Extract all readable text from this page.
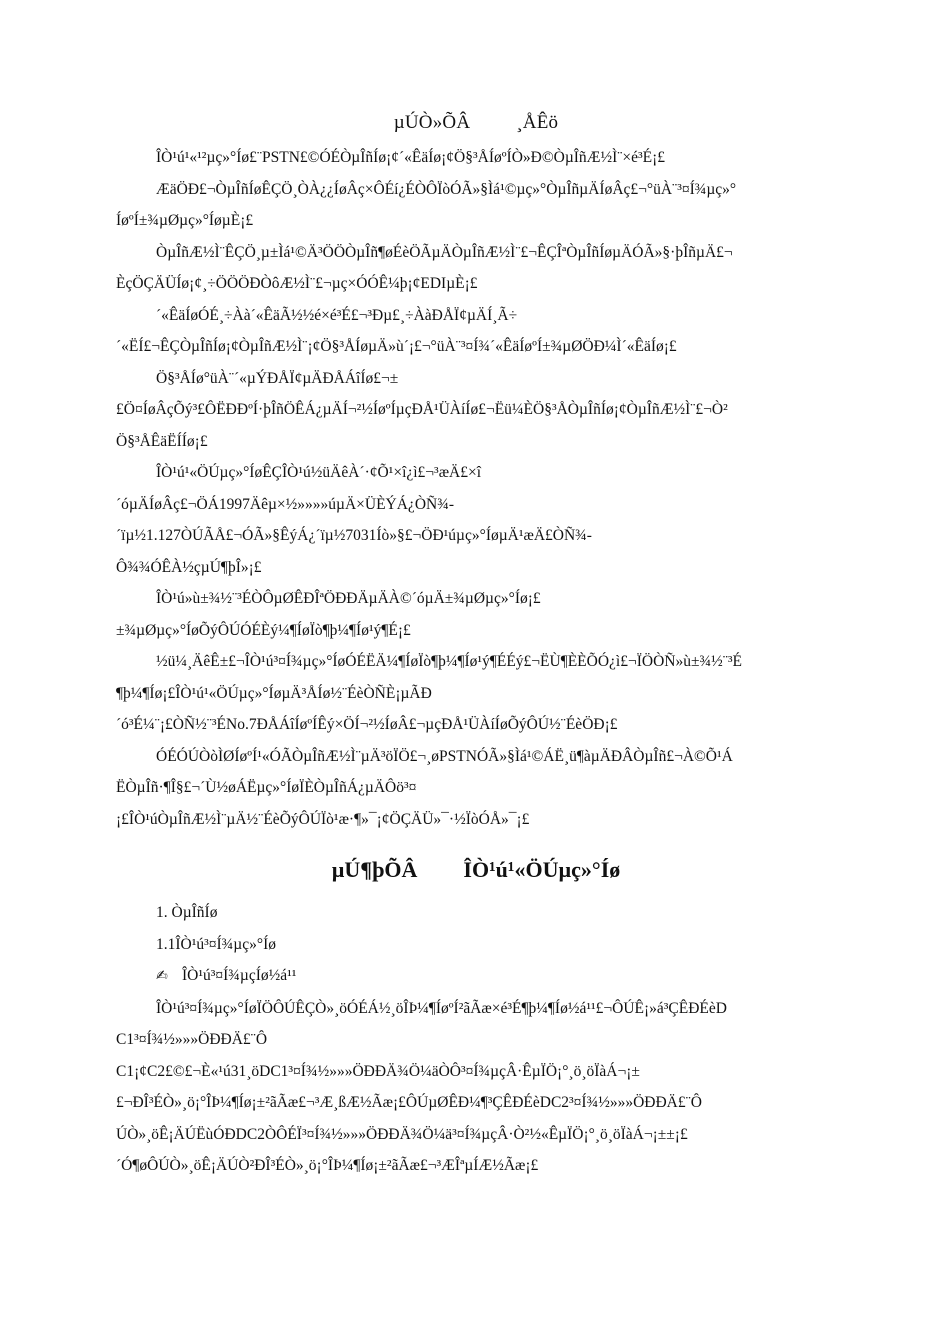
µÚÒ»ÕÂ ¸ÅÊö

ÎÒ¹ú¹«¹²µç»°Íø£¨PSTN£©ÓÉÒµÎñÍø¡¢´«ÊäÍø¡¢Ö§³ÅÍøºÍÒ»Ð©ÒµÎñÆ½Ì¨×é³É¡£

ÆäÖÐ£¬ÒµÎñÍøÊÇÖ¸ÒÀ¿¿ÍøÂç×ÔÉí¿ÉÒÔÏòÓÃ»§Ìá¹©µç»°ÒµÎñµÄÍøÂç£¬°üÀ¨³¤Í¾µç»°

ÍøºÍ±¾µØµç»°ÍøµÈ¡£

ÒµÎñÆ½Ì¨ÊÇÖ¸µ±Ìá¹©Ä³ÖÖÒµÎñ¶øÉèÖÃµÄÒµÎñÆ½Ì¨£¬ÊÇÎªÒµÎñÍøµÄÓÃ»§·þÎñµÄ£¬

ÈçÖÇÄÜÍø¡¢¸÷ÖÖÖÐÒôÆ½Ì¨£¬µç×ÓÓÊ¼þ¡¢EDIµÈ¡£

´«ÊäÍøÓÉ¸÷Àà´«ÊäÃ½½é×é³É£¬³Ðµ£¸÷ÀàÐÅÏ¢µÄÍ¸Ã÷

´«ËÍ£¬ÊÇÒµÎñÍø¡¢ÒµÎñÆ½Ì¨¡¢Ö§³ÅÍøµÄ»ù´¡£¬°üÀ¨³¤Í¾´«ÊäÍøºÍ±¾µØÖÐ¼Ì´«ÊäÍø¡£

Ö§³ÅÍø°üÀ¨´«µÝÐÅÏ¢µÄÐÅÁîÍø£¬±

£Ö¤ÍøÂçÕý³£ÔËÐÐºÍ·þÎñÖÊÁ¿µÄÍ¬²½ÍøºÍµçÐÅ¹ÜÀíÍø£¬Ëü¼ÈÖ§³ÅÒµÎñÍø¡¢ÒµÎñÆ½Ì¨£¬Ò²

Ö§³ÅÊäËÍÍø¡£

ÎÒ¹ú¹«ÖÚµç»°ÍøÊÇÎÒ¹ú½üÄêÀ´·¢Õ¹×î¿ì£¬³æÄ£×î

´óµÄÍøÂç£¬ÖÁ1997Äêµ×½»»»»úµÄ×ÜÈÝÁ¿ÒÑ¾-

´ïµ½1.127ÒÚÃÅ£¬ÓÃ»§ÊýÁ¿´ïµ½7031Íò»§£¬ÖÐ¹úµç»°ÍøµÄ¹æÄ£ÒÑ¾-

Ô¾¾ÓÊÀ½çµÚ¶þÎ»¡£

ÎÒ¹ú»ù±¾½¨³ÉÒÔµØÊÐÎªÖÐÐÄµÄÀ©´óµÄ±¾µØµç»°Íø¡£

±¾µØµç»°ÍøÕýÔÚÓÉÈý¼¶ÍøÏò¶þ¼¶Íø¹ý¶É¡£

½ü¼¸ÄêÊ±£¬ÎÒ¹ú³¤Í¾µç»°ÍøÓÉËÄ¼¶ÍøÏò¶þ¼¶Íø¹ý¶ÉÉý£¬ËÙ¶ÈÈÕÓ¿ì£¬ÏÖÒÑ»ù±¾½¨³É

¶þ¼¶Íø¡£ÎÒ¹ú¹«ÖÚµç»°ÍøµÄ³ÅÍø½¨ÉèÒÑÈ¡µÃÐ

´ó³É¼¨¡£ÒÑ½¨³ÉNo.7ÐÅÁîÍøºÍÊý×ÖÍ¬²½ÍøÂ£¬µçÐÅ¹ÜÀíÍøÕýÔÚ½¨ÉèÖÐ¡£

ÓÉÓÚÒòÌØÍøºÍ¹«ÓÃÒµÎñÆ½Ì¨µÄ³öÏÖ£¬¸øPSTNÓÃ»§Ìá¹©ÁË¸ü¶àµÄÐÂÒµÎñ£¬À©Õ¹Á

ËÒµÎñ·¶Î§£¬´Ù½øÁËµç»°ÍøÏÈÒµÎñÁ¿µÄÔö³¤

¡£ÎÒ¹úÒµÎñÆ½Ì¨µÄ½¨ÉèÕýÔÚÏò¹æ·¶»¯¡¢ÖÇÄÜ»¯·½ÏòÓÅ»¯¡£

µÚ¶þÕÂ ÎÒ¹ú¹«ÖÚµç»°Íø

1. ÒµÎñÍø

1.1ÎÒ¹ú³¤Í¾µç»°Íø

✍ ÎÒ¹ú³¤Í¾µçÍø½á¹¹

ÎÒ¹ú³¤Í¾µç»°ÍøÏÖÔÚÊÇÒ»¸öÓÉÁ½¸öÎÞ¼¶ÍøºÍ²ãÃæ×é³É¶þ¼¶Íø½á¹¹£¬ÔÚÊ¡»á³ÇÊÐÉèD

C1³¤Í¾½»»»ÖÐÐÄ£¨Ô

C1¡¢C2£©£¬È«¹ú31¸öDC1³¤Í¾½»»»ÖÐÐÄ¾Ö¼äÒÔ³¤Í¾µçÂ·ÊµÏÖ¡°¸ö¸öÏàÁ¬¡±

£¬ÐÎ³ÉÒ»¸ö¡°ÎÞ¼¶Íø¡±²ãÃæ£¬³Æ¸ßÆ½Ãæ¡£ÔÚµØÊÐ¼¶³ÇÊÐÉèDC2³¤Í¾½»»»ÖÐÐÄ£¨Ô

ÚÒ»¸öÊ¡ÄÚËùÓÐDC2ÒÔÉÏ³¤Í¾½»»»ÖÐÐÄ¾Ö¼ä³¤Í¾µçÂ·Ò²½«ÊµÏÖ¡°¸ö¸öÏàÁ¬¡±±¡£

´Ó¶øÔÚÒ»¸öÊ¡ÄÚÒ²ÐÎ³ÉÒ»¸ö¡°ÎÞ¼¶Íø¡±²ãÃæ£¬³ÆÎªµÍÆ½Ãæ¡£
